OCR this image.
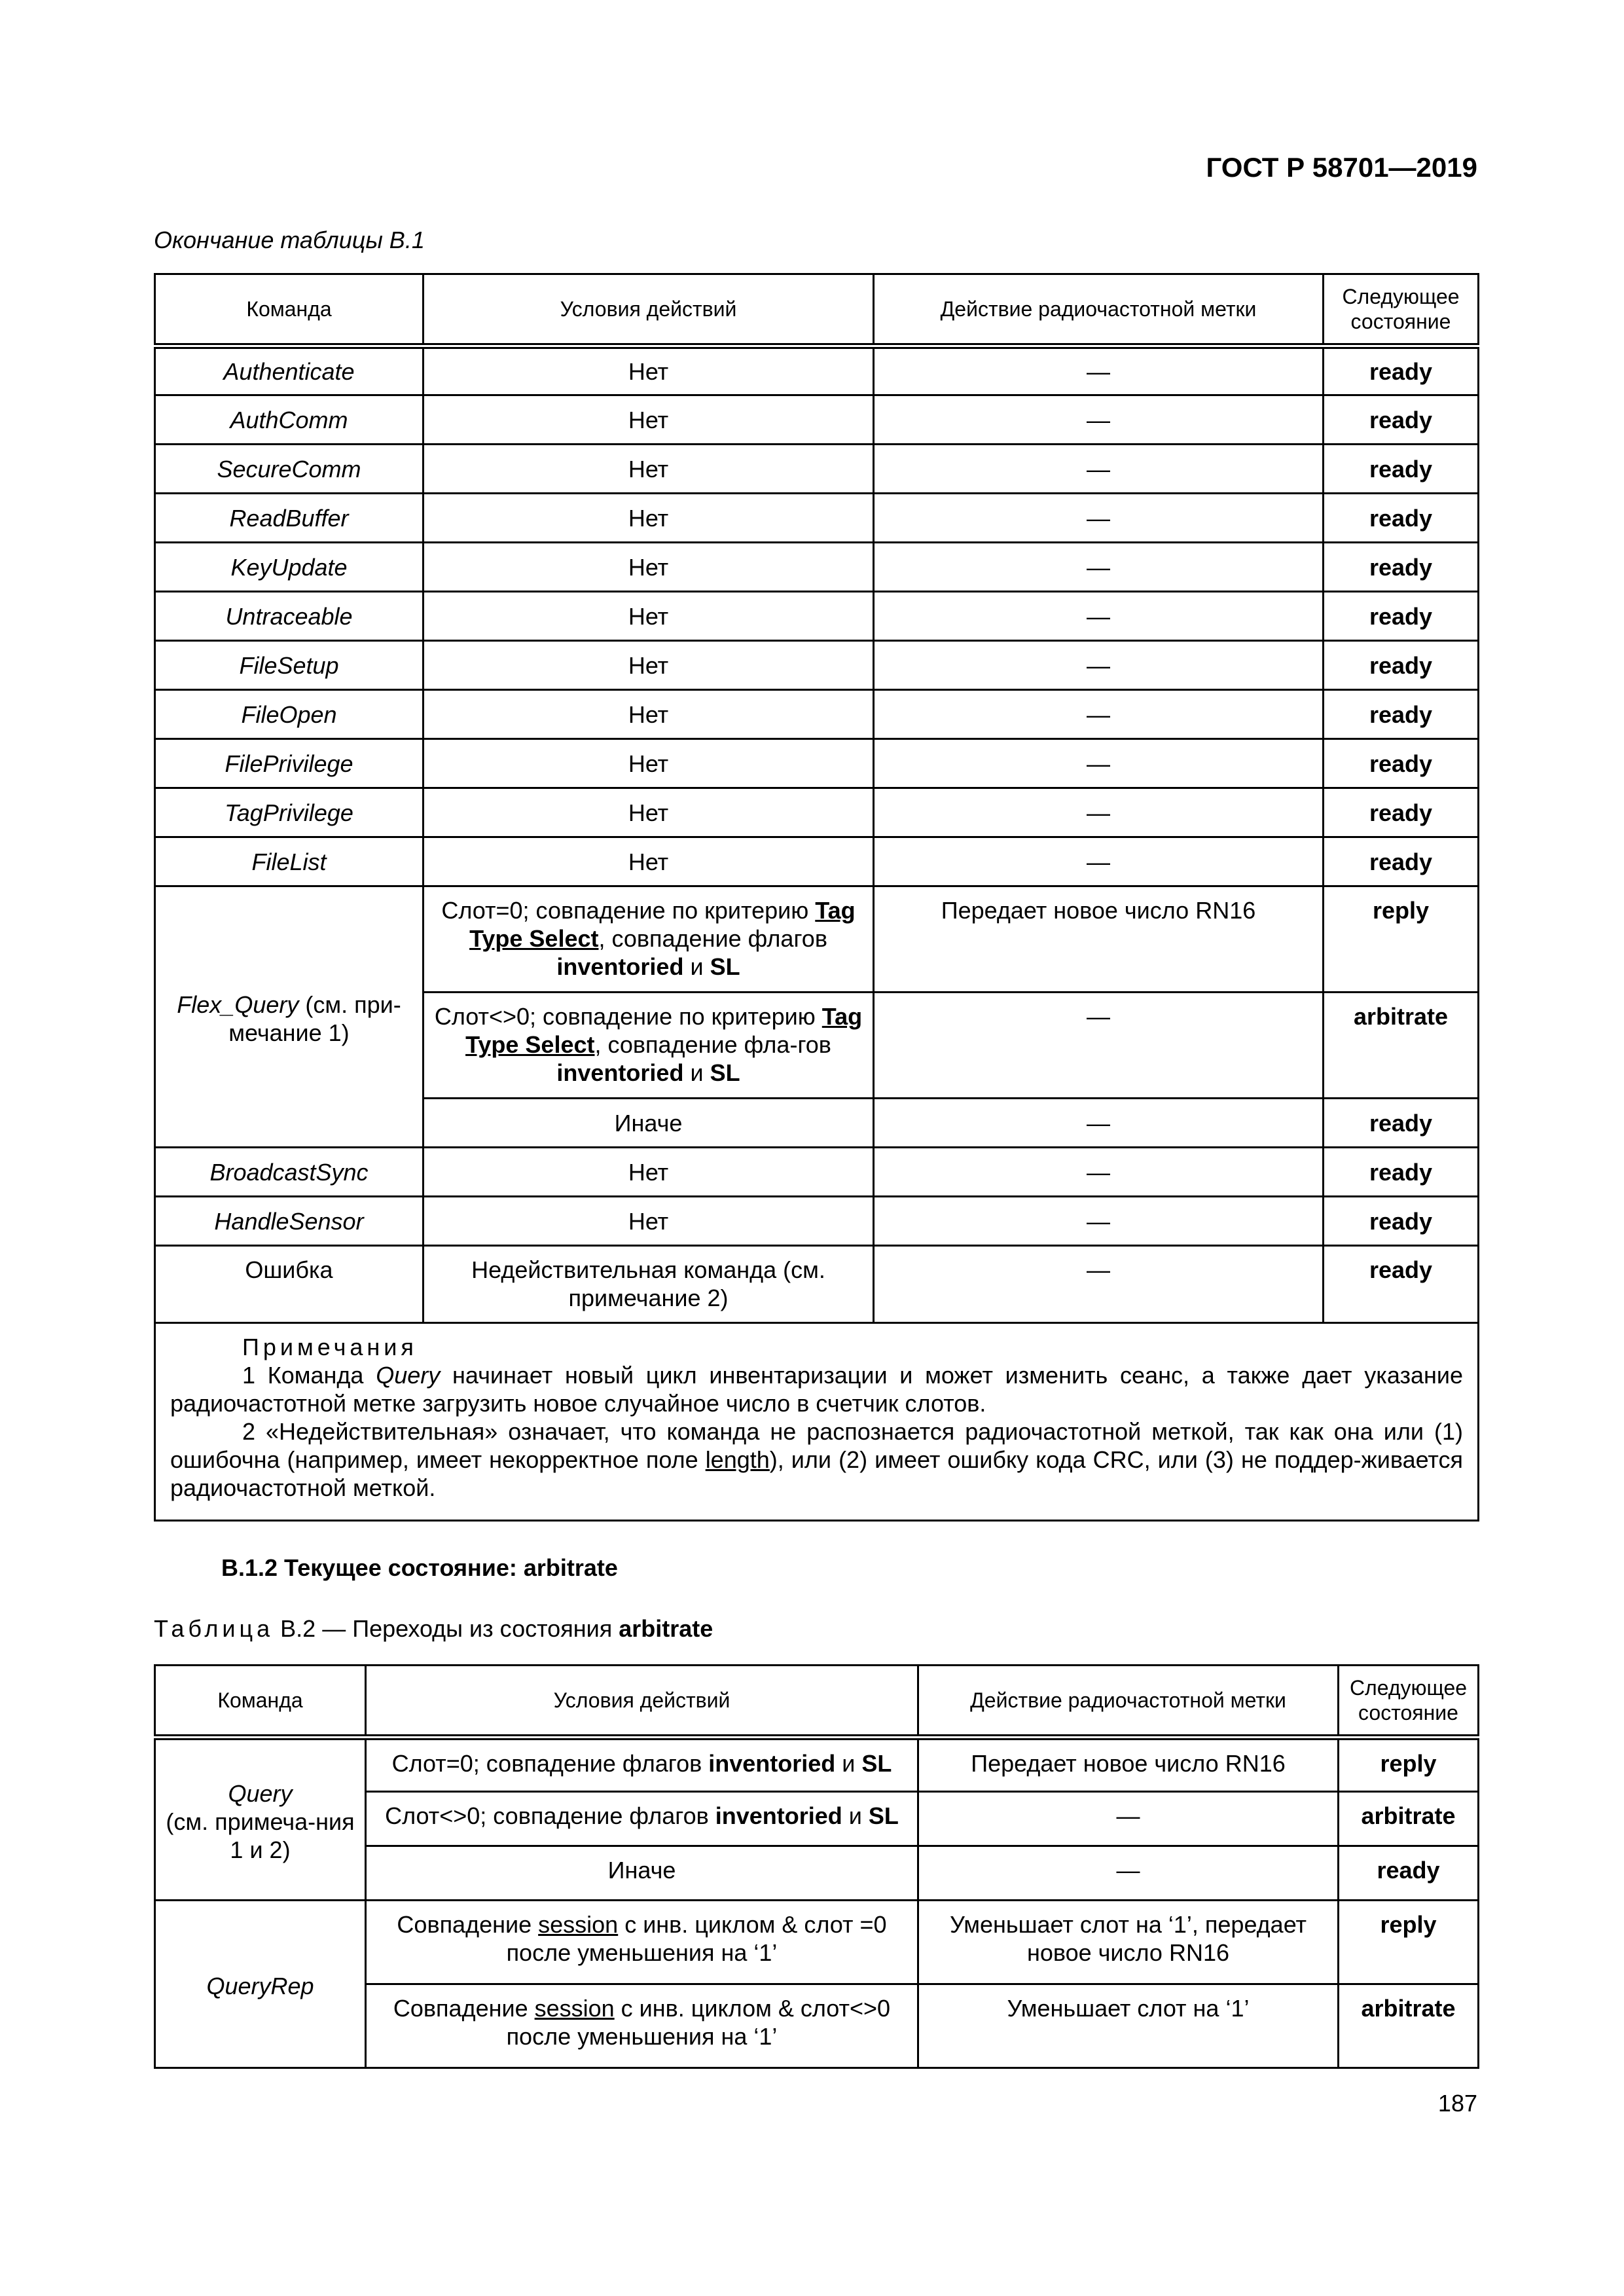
ГОСТ Р 58701—2019
Окончание таблицы В.1
Команда	Условия действий	Действие радиочастотной метки	Следующее состояние
Authenticate	Нет	—	ready
AuthComm	Нет	—	ready
SecureComm	Нет	—	ready
ReadBuffer	Нет	—	ready
KeyUpdate	Нет	—	ready
Untraceable	Нет	—	ready
FileSetup	Нет	—	ready
FileOpen	Нет	—	ready
FilePrivilege	Нет	—	ready
TagPrivilege	Нет	—	ready
FileList	Нет	—	ready
Flex_Query (см. при-мечание 1)	Слот=0; совпадение по критерию Tag Type Select, совпадение флагов inventoried и SL	Передает новое число RN16	reply
	Слот<>0; совпадение по критерию Tag Type Select, совпадение фла-гов inventoried и SL	—	arbitrate
	Иначе	—	ready
BroadcastSync	Нет	—	ready
HandleSensor	Нет	—	ready
Ошибка	Недействительная команда (см. примечание 2)	—	ready

Примечания

1 Команда Query начинает новый цикл инвентаризации и может изменить сеанс, а также дает указание радиочастотной метке загрузить новое случайное число в счетчик слотов.

2 «Недействительная» означает, что команда не распознается радиочастотной меткой, так как она или (1) ошибочна (например, имеет некорректное поле length), или (2) имеет ошибку кода CRC, или (3) не поддер-живается радиочастотной меткой.			

В.1.2 Текущее состояние: arbitrate
Таблица В.2 — Переходы из состояния arbitrate
Команда	Условия действий	Действие радиочастотной метки	Следующее состояние

Query
(см. примеча-ния 1 и 2)	Слот=0; совпадение флагов inventoried и SL	Передает новое число RN16	reply
	Слот<>0; совпадение флагов inventoried и SL	—	arbitrate
	Иначе	—	ready
QueryRep	Совпадение session с инв. циклом & слот =0 после уменьшения на ‘1’	Уменьшает слот на ‘1’, передает новое число RN16	reply
	Совпадение session с инв. циклом & слот<>0 после уменьшения на ‘1’	Уменьшает слот на ‘1’	arbitrate
187
